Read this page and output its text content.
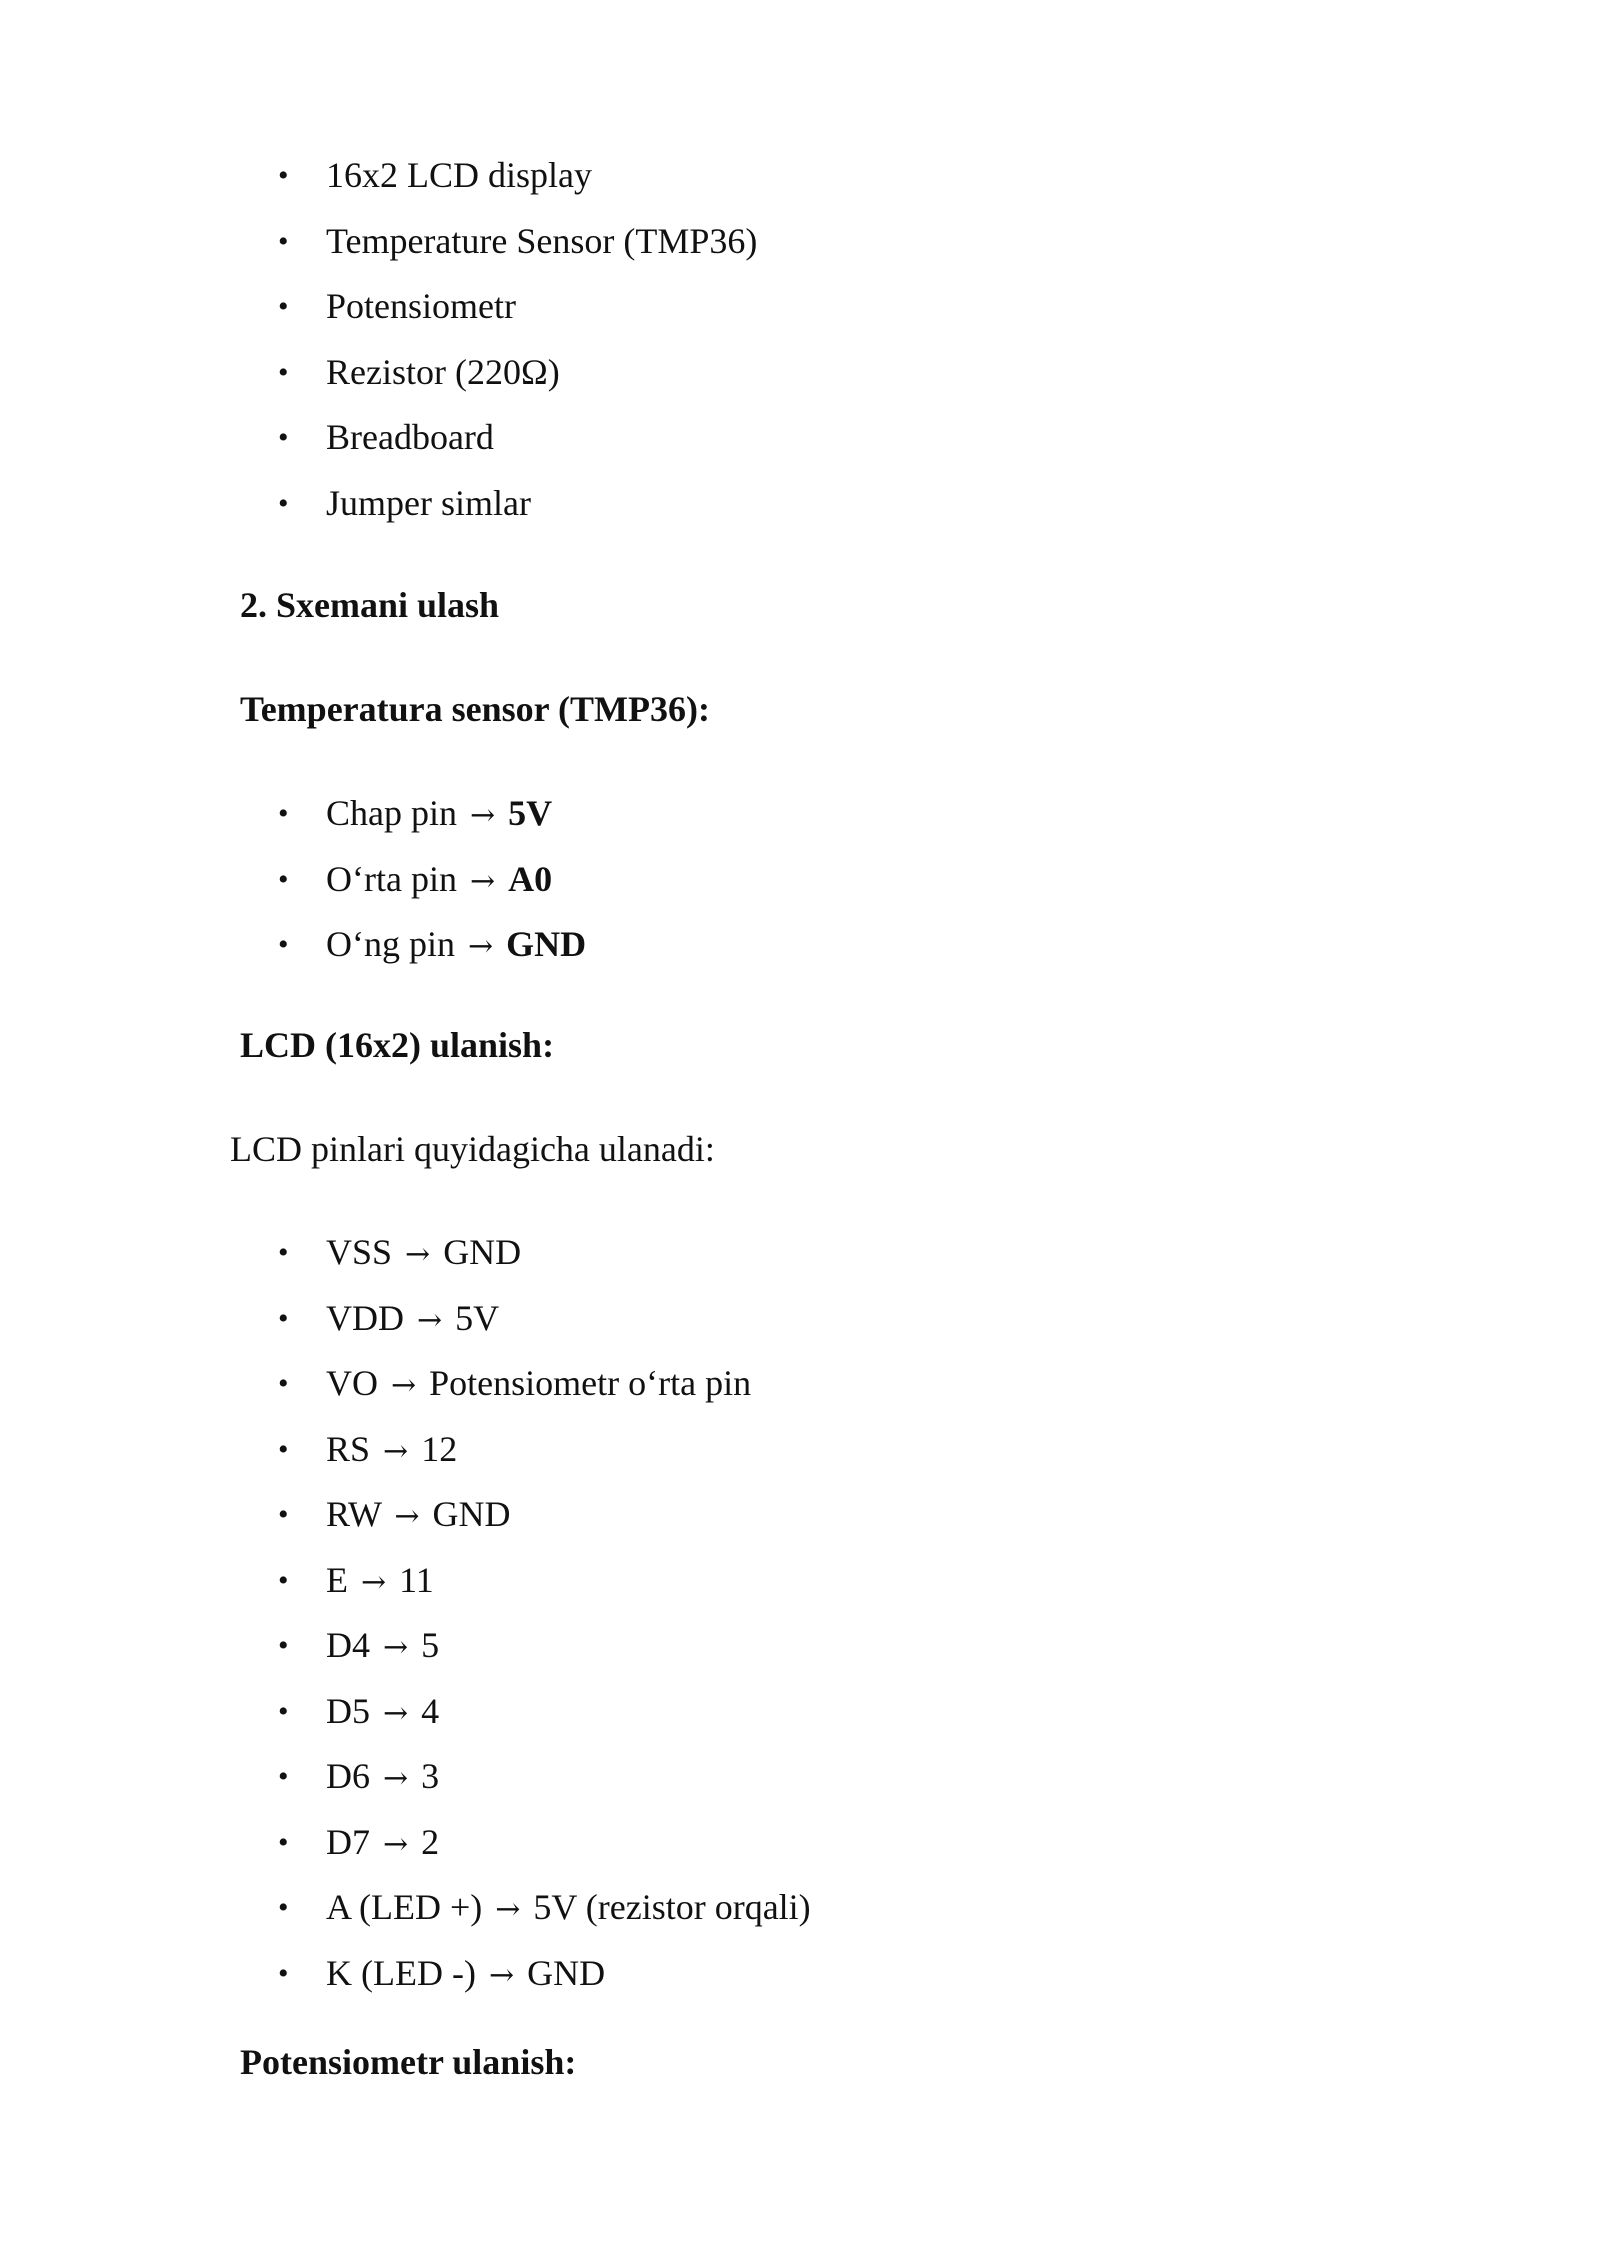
• 16x2 LCD display
• Temperature Sensor (TMP36)
• Potensiometr
• Rezistor (220Ω)
• Breadboard
• Jumper simlar
2. Sxemani ulash
Temperatura sensor (TMP36):
• Chap pin → 5V
• O‘rta pin → A0
• O‘ng pin → GND
LCD (16x2) ulanish:
LCD pinlari quyidagicha ulanadi:
• VSS → GND
• VDD → 5V
• VO → Potensiometr o‘rta pin
• RS → 12
• RW → GND
• E → 11
• D4 → 5
• D5 → 4
• D6 → 3
• D7 → 2
• A (LED +) → 5V (rezistor orqali)
• K (LED -) → GND
Potensiometr ulanish:
